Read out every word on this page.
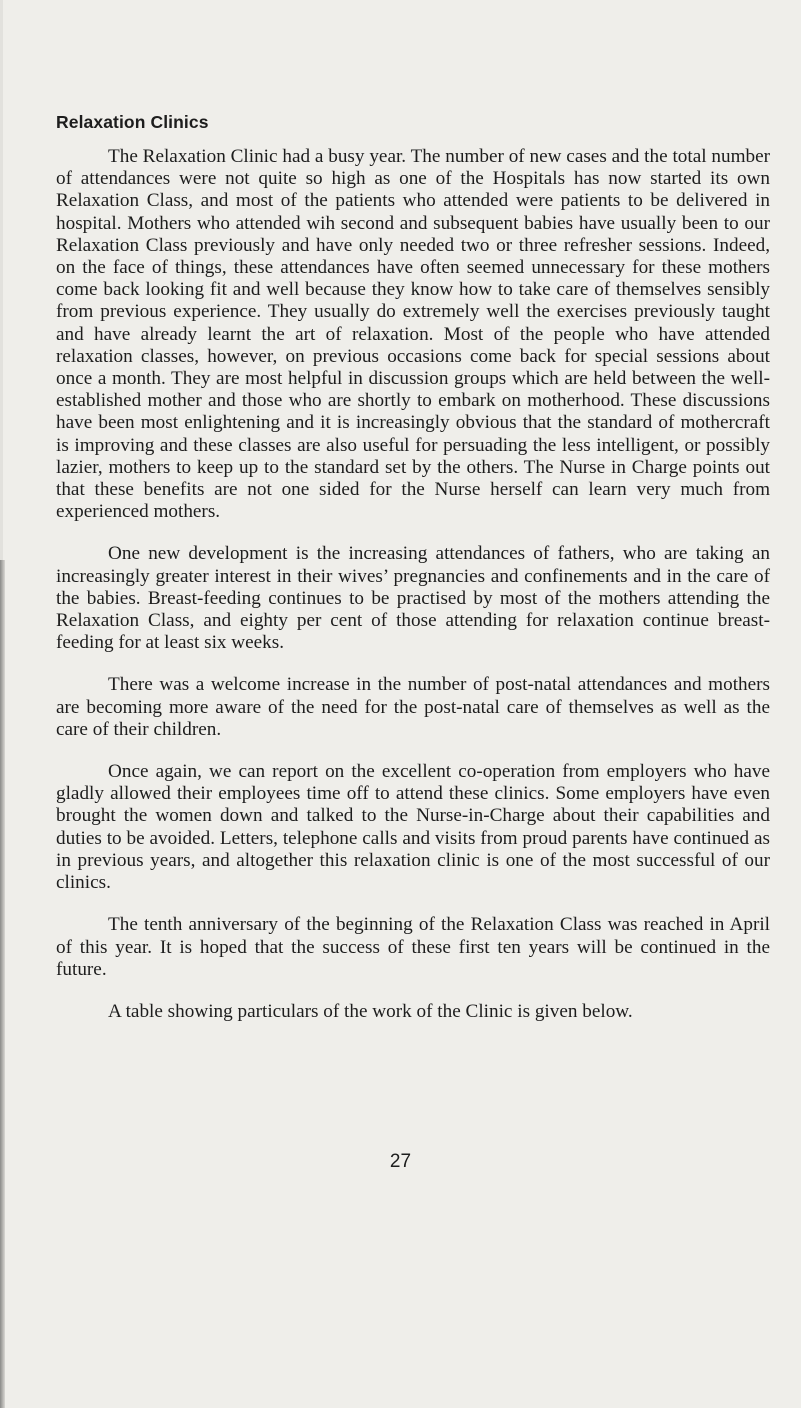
Relaxation Clinics

The Relaxation Clinic had a busy year. The number of new cases and the total number of attendances were not quite so high as one of the Hospitals has now started its own Relaxation Class, and most of the patients who attended were patients to be delivered in hospital. Mothers who attended wih second and subsequent babies have usually been to our Relaxation Class previously and have only needed two or three refresher sessions. Indeed, on the face of things, these attendances have often seemed unnecessary for these mothers come back looking fit and well because they know how to take care of themselves sensibly from previous experience. They usually do extremely well the exercises previously taught and have already learnt the art of relaxation. Most of the people who have attended relaxation classes, however, on previous occasions come back for special sessions about once a month. They are most helpful in discussion groups which are held between the well-established mother and those who are shortly to embark on motherhood. These discussions have been most enlightening and it is increasingly obvious that the standard of mothercraft is improving and these classes are also useful for persuading the less intelligent, or possibly lazier, mothers to keep up to the standard set by the others. The Nurse in Charge points out that these benefits are not one sided for the Nurse herself can learn very much from experienced mothers.

One new development is the increasing attendances of fathers, who are taking an increasingly greater interest in their wives’ pregnancies and confinements and in the care of the babies. Breast-feeding continues to be practised by most of the mothers attending the Relaxation Class, and eighty per cent of those attending for relaxation continue breast-feeding for at least six weeks.

There was a welcome increase in the number of post-natal attendances and mothers are becoming more aware of the need for the post-natal care of themselves as well as the care of their children.

Once again, we can report on the excellent co-operation from employers who have gladly allowed their employees time off to attend these clinics. Some employers have even brought the women down and talked to the Nurse-in-Charge about their capabilities and duties to be avoided. Letters, telephone calls and visits from proud parents have continued as in previous years, and altogether this relaxation clinic is one of the most successful of our clinics.

The tenth anniversary of the beginning of the Relaxation Class was reached in April of this year. It is hoped that the success of these first ten years will be continued in the future.

A table showing particulars of the work of the Clinic is given below.

27
